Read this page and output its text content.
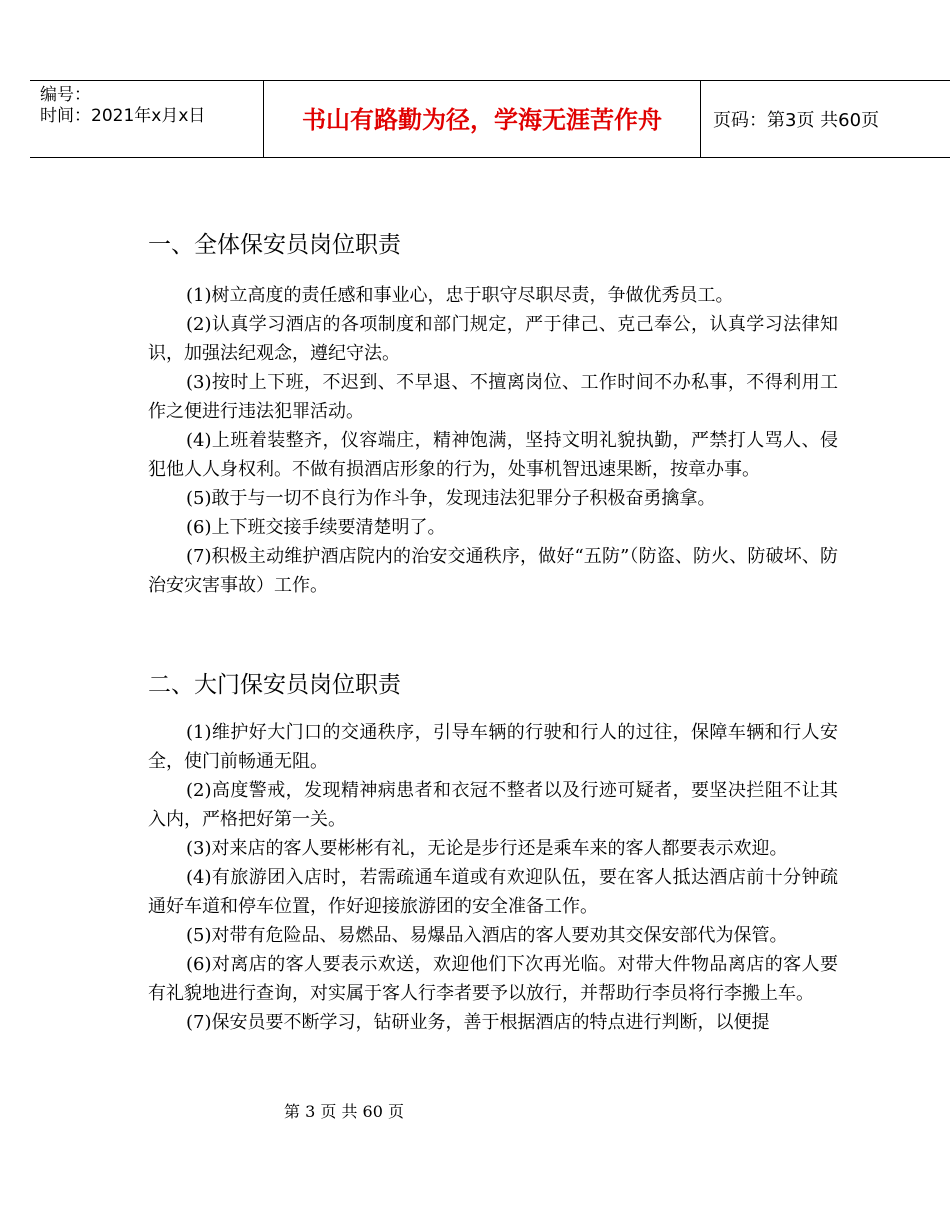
编号：
时间：2021年x月x日	书山有路勤为径，学海无涯苦作舟	页码：第3页 共60页
一、全体保安员岗位职责

(1)树立高度的责任感和事业心，忠于职守尽职尽责，争做优秀员工。

(2)认真学习酒店的各项制度和部门规定，严于律己、克己奉公，认真学习法律知识，加强法纪观念，遵纪守法。

(3)按时上下班，不迟到、不早退、不擅离岗位、工作时间不办私事，不得利用工作之便进行违法犯罪活动。

(4)上班着装整齐，仪容端庄，精神饱满，坚持文明礼貌执勤，严禁打人骂人、侵犯他人人身权利。不做有损酒店形象的行为，处事机智迅速果断，按章办事。

(5)敢于与一切不良行为作斗争，发现违法犯罪分子积极奋勇擒拿。

(6)上下班交接手续要清楚明了。

(7)积极主动维护酒店院内的治安交通秩序，做好“五防”（防盗、防火、防破坏、防治安灾害事故）工作。

二、大门保安员岗位职责

(1)维护好大门口的交通秩序，引导车辆的行驶和行人的过往，保障车辆和行人安全，使门前畅通无阻。

(2)高度警戒，发现精神病患者和衣冠不整者以及行迹可疑者，要坚决拦阻不让其入内，严格把好第一关。

(3)对来店的客人要彬彬有礼，无论是步行还是乘车来的客人都要表示欢迎。

(4)有旅游团入店时，若需疏通车道或有欢迎队伍，要在客人抵达酒店前十分钟疏通好车道和停车位置，作好迎接旅游团的安全准备工作。

(5)对带有危险品、易燃品、易爆品入酒店的客人要劝其交保安部代为保管。

(6)对离店的客人要表示欢送，欢迎他们下次再光临。对带大件物品离店的客人要有礼貌地进行查询，对实属于客人行李者要予以放行，并帮助行李员将行李搬上车。

(7)保安员要不断学习，钻研业务，善于根据酒店的特点进行判断，以便提

第 3 页 共 60 页
